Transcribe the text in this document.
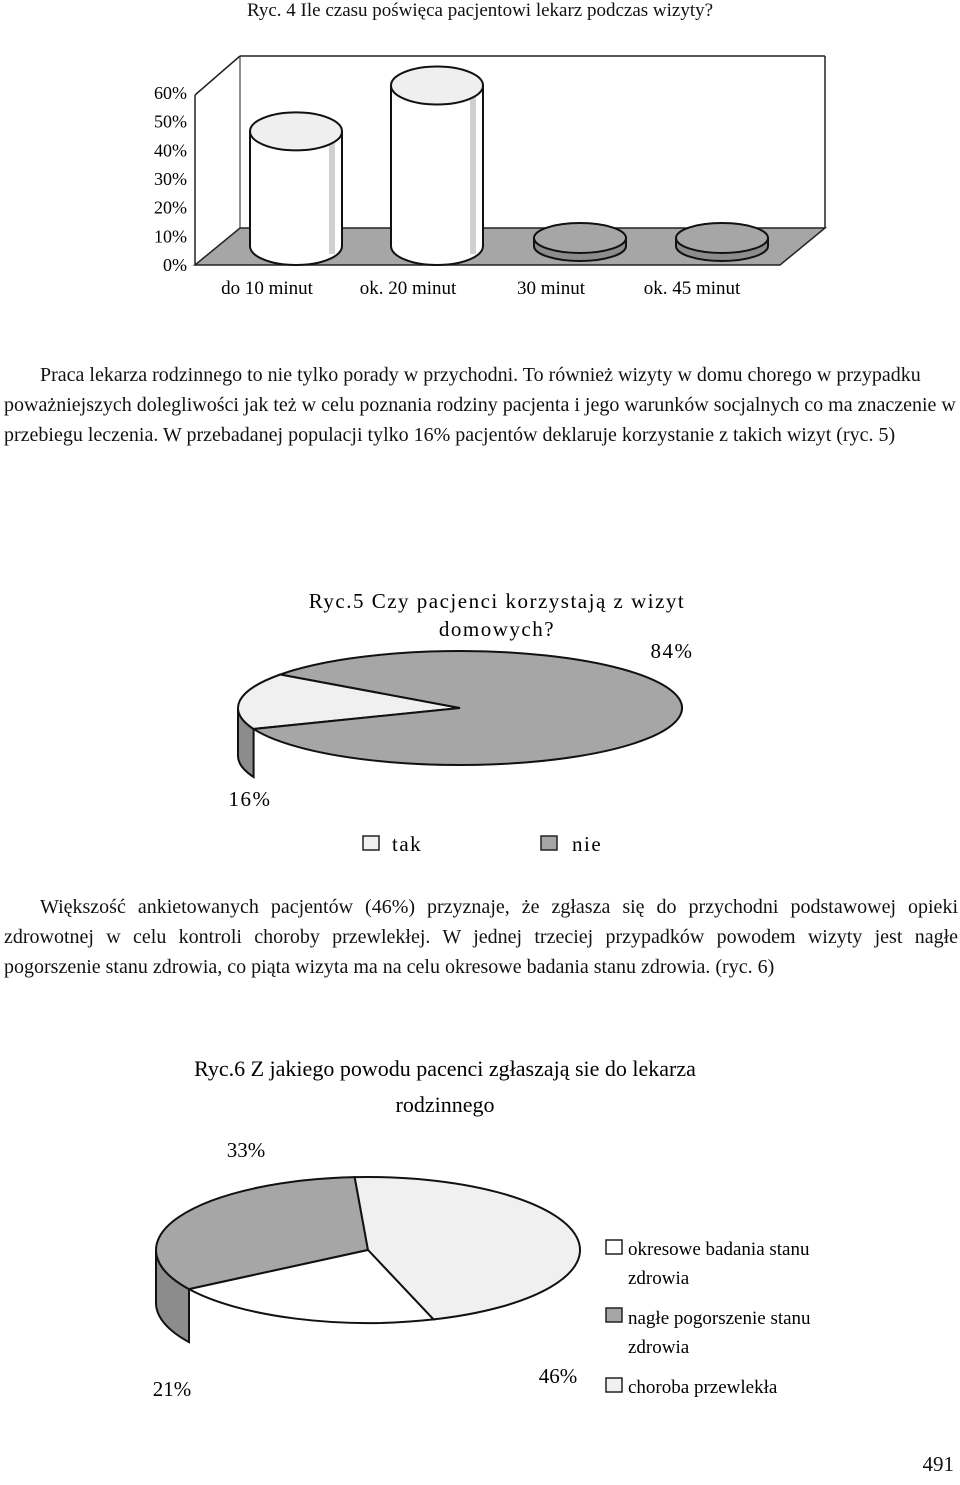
Ryc. 4 Ile czasu poświęca pacjentowi lekarz podczas wizyty?
0%
10%
20%
30%
40%
50%
60%
do 10 minut ok. 20 minut	30 minut	ok. 45 minut

Praca lekarza rodzinnego to nie tylko porady w przychodni. To również wizyty w domu chorego w przypadku poważniejszych dolegliwości jak też w celu poznania rodziny pacjenta i jego warunków socjalnych co ma znaczenie w przebiegu leczenia. W przebadanej populacji tylko 16% pacjentów deklaruje korzystanie z takich wizyt (ryc. 5)

Ryc.5 Czy pacjenci korzystają z wizyt
domowych?
84%
16%
tak	nie

Większość ankietowanych pacjentów (46%) przyznaje, że zgłasza się do przychodni podstawowej opieki zdrowotnej w celu kontroli choroby przewlekłej. W jednej trzeciej przypadków powodem wizyty jest nagłe pogorszenie stanu zdrowia, co piąta wizyta ma na celu okresowe badania stanu zdrowia. (ryc. 6)

Ryc.6 Z jakiego powodu pacenci zgłaszają sie do lekarza
rodzinnego
33%
21%
46%
okresowe badania stanu
zdrowia
nagłe pogorszenie stanu
zdrowia
choroba przewlekła
491
